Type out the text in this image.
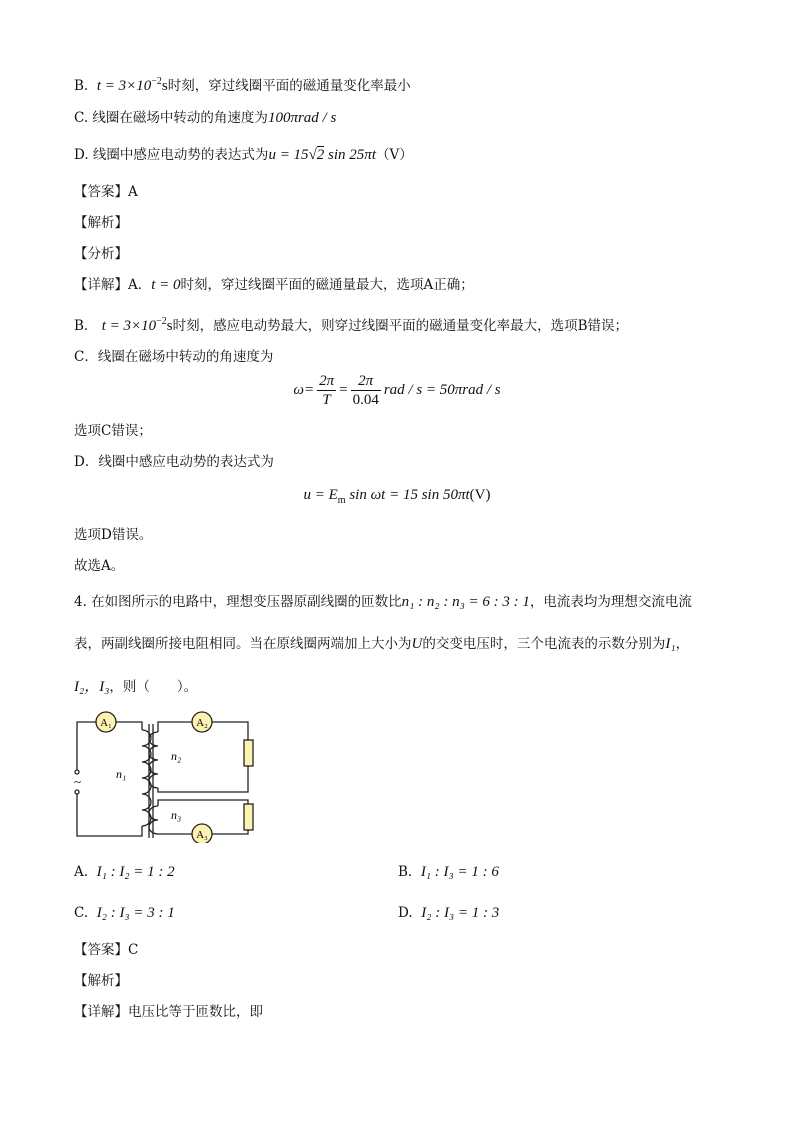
B. $t = 3\times 10^{-2}s$时刻，穿过线圈平面的磁通量变化率最小
C. 线圈在磁场中转动的角速度为100πrad / s
D. 线圈中感应电动势的表达式为u = 15√2 sin 25πt（V）
【答案】A
【解析】
【分析】
【详解】A．t = 0时刻，穿过线圈平面的磁通量最大，选项A正确；
B． $t = 3\times 10^{-2}s$时刻，感应电动势最大，则穿过线圈平面的磁通量变化率最大，选项B错误；
C．线圈在磁场中转动的角速度为
$\omega= \frac{2\pi}{T} = \frac{2\pi}{0.04}$ rad / s = 50πrad / s
选项C错误；
D．线圈中感应电动势的表达式为
$u = E_m$ sin ωt = 15 sin 50πt(V)
选项D错误。
故选A。
4. 在如图所示的电路中，理想变压器原副线圈的匝数比n₁ : n₂ : n₃ = 6 : 3 : 1，电流表均为理想交流电流
表，两副线圈所接电阻相同。当在原线圈两端加上大小为U的交变电压时，三个电流表的示数分别为I₁，
I₂，I₃，则（　　）。
A₁	A₂
A₃
n₁
n₂
n₃
~
A. I₁ : I₂ = 1 : 2	B. I₁ : I₃ = 1 : 6
C. I₂ : I₃ = 3 : 1	D. I₂ : I₃ = 1 : 3
【答案】C
【解析】
【详解】电压比等于匝数比，即
